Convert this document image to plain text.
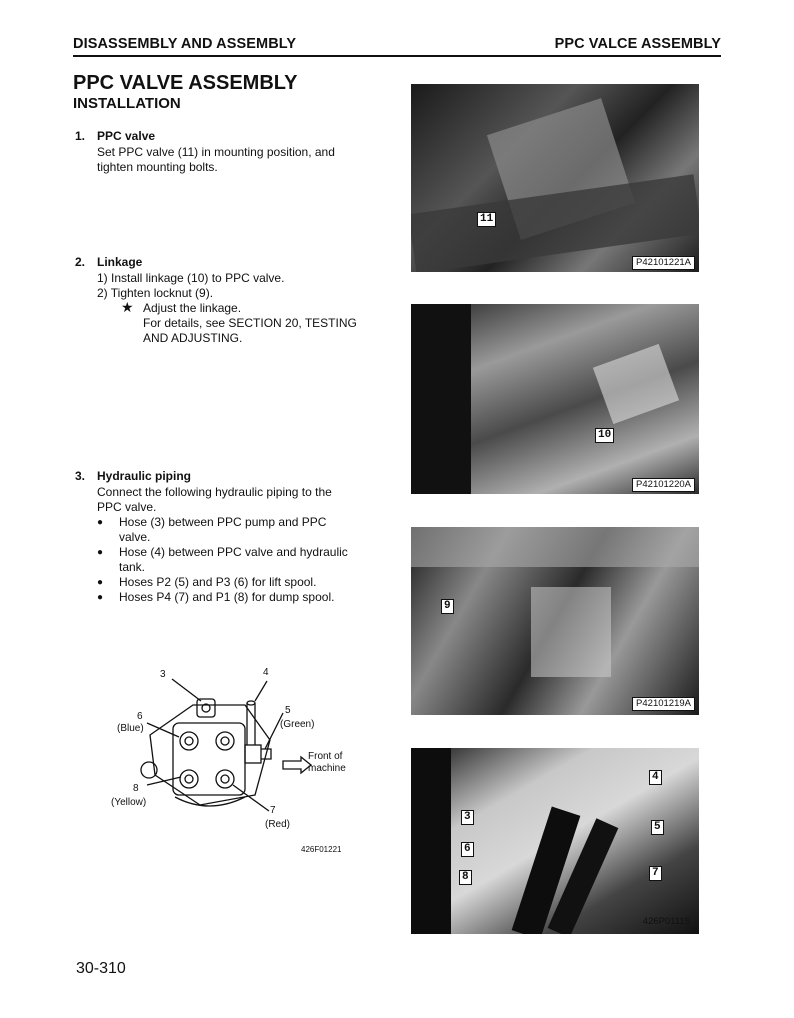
DISASSEMBLY AND ASSEMBLY	PPC VALCE ASSEMBLY
PPC VALVE ASSEMBLY
INSTALLATION
1. PPC valve
Set PPC valve (11) in mounting position, and
tighten mounting bolts.
2. Linkage
1) Install linkage (10) to PPC valve.
2) Tighten locknut (9).
★ Adjust the linkage.
For details, see SECTION 20, TESTING
AND ADJUSTING.
3. Hydraulic piping
Connect the following hydraulic piping to the
PPC valve.
● Hose (3) between PPC pump and PPC
valve.
● Hose (4) between PPC valve and hydraulic
tank.
● Hoses P2 (5) and P3 (6) for lift spool.
● Hoses P4 (7) and P1 (8) for dump spool.
11
P42101221A
10
P42101220A
9
P42101219A
4
3
5
6
7
8
426P01115
3	4
5
(Green)
6
(Blue)
8
(Yellow)
7
(Red)
Front of
machine
426F01221
30-310
